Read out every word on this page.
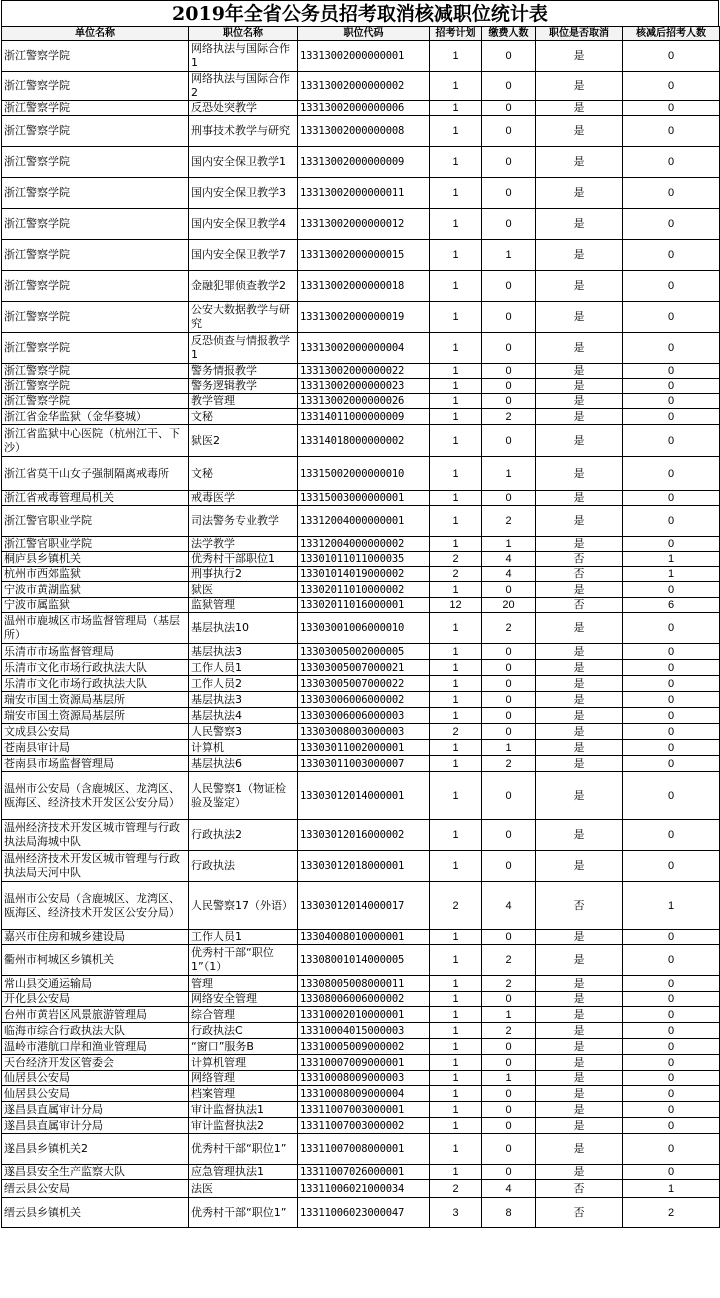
2019年全省公务员招考取消核减职位统计表
单位名称	职位名称	职位代码	招考计划	缴费人数	职位是否取消	核减后招考人数
浙江警察学院	网络执法与国际合作1	13313002000000001	1	0	是	0
浙江警察学院	网络执法与国际合作2	13313002000000002	1	0	是	0
浙江警察学院	反恐处突教学	13313002000000006	1	0	是	0
浙江警察学院	刑事技术教学与研究	13313002000000008	1	0	是	0
浙江警察学院	国内安全保卫教学1	13313002000000009	1	0	是	0
浙江警察学院	国内安全保卫教学3	13313002000000011	1	0	是	0
浙江警察学院	国内安全保卫教学4	13313002000000012	1	0	是	0
浙江警察学院	国内安全保卫教学7	13313002000000015	1	1	是	0
浙江警察学院	金融犯罪侦查教学2	13313002000000018	1	0	是	0
浙江警察学院	公安大数据教学与研究	13313002000000019	1	0	是	0
浙江警察学院	反恐侦查与情报教学1	13313002000000004	1	0	是	0
浙江警察学院	警务情报教学	13313002000000022	1	0	是	0
浙江警察学院	警务逻辑教学	13313002000000023	1	0	是	0
浙江警察学院	教学管理	13313002000000026	1	0	是	0
浙江省金华监狱（金华婺城）	文秘	13314011000000009	1	2	是	0
浙江省监狱中心医院（杭州江干、下沙）	狱医2	13314018000000002	1	0	是	0
浙江省莫干山女子强制隔离戒毒所	文秘	13315002000000010	1	1	是	0
浙江省戒毒管理局机关	戒毒医学	13315003000000001	1	0	是	0
浙江警官职业学院	司法警务专业教学	13312004000000001	1	2	是	0
浙江警官职业学院	法学教学	13312004000000002	1	1	是	0
桐庐县乡镇机关	优秀村干部职位1	13301011011000035	2	4	否	1
杭州市西郊监狱	刑事执行2	13301014019000002	2	4	否	1
宁波市黄湖监狱	狱医	13302011010000002	1	0	是	0
宁波市属监狱	监狱管理	13302011016000001	12	20	否	6
温州市鹿城区市场监督管理局（基层所）	基层执法10	13303001006000010	1	2	是	0
乐清市市场监督管理局	基层执法3	13303005002000005	1	0	是	0
乐清市文化市场行政执法大队	工作人员1	13303005007000021	1	0	是	0
乐清市文化市场行政执法大队	工作人员2	13303005007000022	1	0	是	0
瑞安市国土资源局基层所	基层执法3	13303006006000002	1	0	是	0
瑞安市国土资源局基层所	基层执法4	13303006006000003	1	0	是	0
文成县公安局	人民警察3	13303008003000003	2	0	是	0
苍南县审计局	计算机	13303011002000001	1	1	是	0
苍南县市场监督管理局	基层执法6	13303011003000007	1	2	是	0
温州市公安局（含鹿城区、龙湾区、瓯海区、经济技术开发区公安分局）	人民警察1（物证检验及鉴定）	13303012014000001	1	0	是	0
温州经济技术开发区城市管理与行政执法局海城中队	行政执法2	13303012016000002	1	0	是	0
温州经济技术开发区城市管理与行政执法局天河中队	行政执法	13303012018000001	1	0	是	0
温州市公安局（含鹿城区、龙湾区、瓯海区、经济技术开发区公安分局）	人民警察17（外语）	13303012014000017	2	4	否	1
嘉兴市住房和城乡建设局	工作人员1	13304008010000001	1	0	是	0
衢州市柯城区乡镇机关	优秀村干部“职位1”（1）	13308001014000005	1	2	是	0
常山县交通运输局	管理	13308005008000011	1	2	是	0
开化县公安局	网络安全管理	13308006006000002	1	0	是	0
台州市黄岩区风景旅游管理局	综合管理	13310002010000001	1	1	是	0
临海市综合行政执法大队	行政执法C	13310004015000003	1	2	是	0
温岭市港航口岸和渔业管理局	“窗口”服务B	13310005009000002	1	0	是	0
天台经济开发区管委会	计算机管理	13310007009000001	1	0	是	0
仙居县公安局	网络管理	13310008009000003	1	1	是	0
仙居县公安局	档案管理	13310008009000004	1	0	是	0
遂昌县直属审计分局	审计监督执法1	13311007003000001	1	0	是	0
遂昌县直属审计分局	审计监督执法2	13311007003000002	1	0	是	0
遂昌县乡镇机关2	优秀村干部“职位1”	13311007008000001	1	0	是	0
遂昌县安全生产监察大队	应急管理执法1	13311007026000001	1	0	是	0
缙云县公安局	法医	13311006021000034	2	4	否	1
缙云县乡镇机关	优秀村干部“职位1”	13311006023000047	3	8	否	2
